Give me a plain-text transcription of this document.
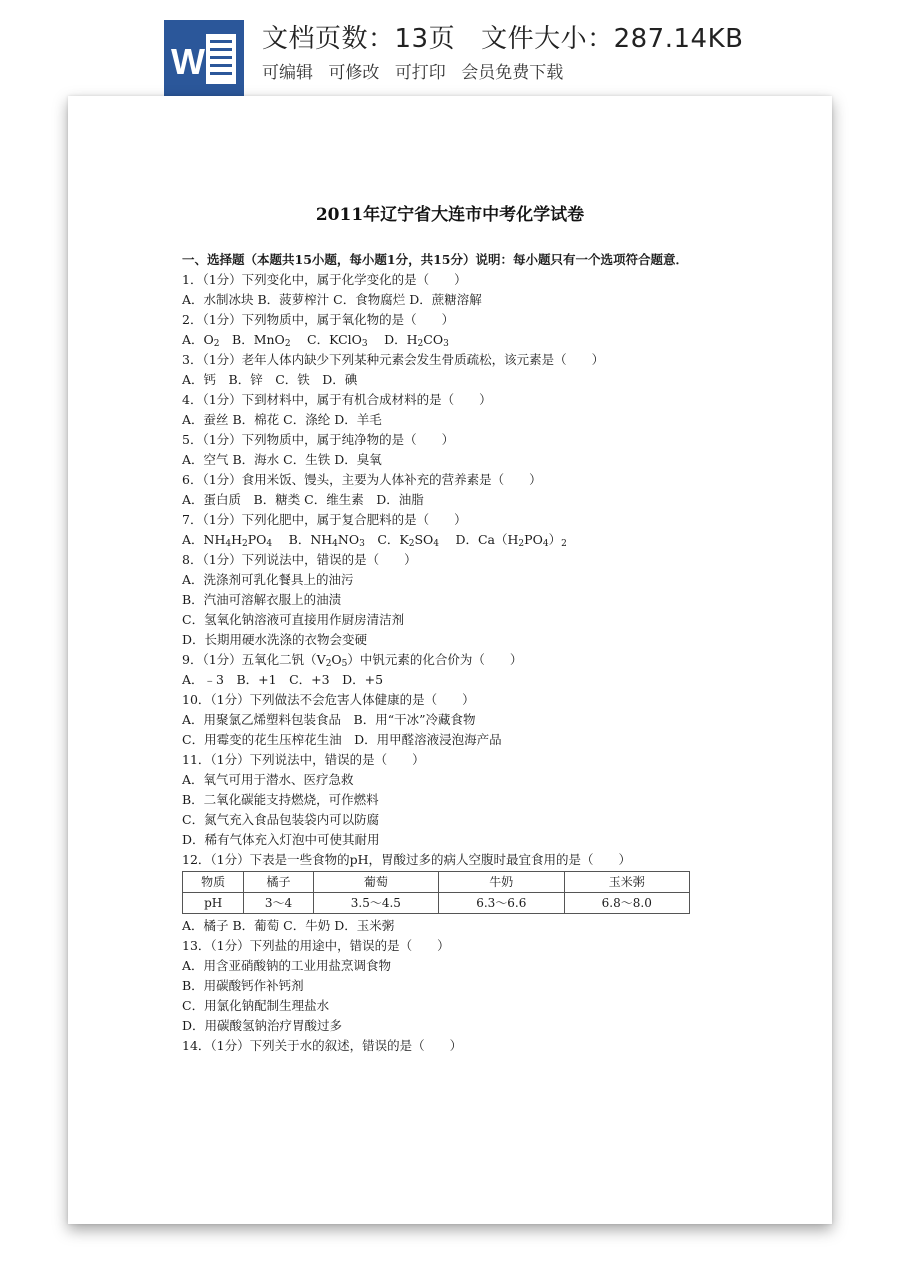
W
文档页数：13页 文件大小：287.14KB
可编辑 可修改 可打印 会员免费下载
2011年辽宁省大连市中考化学试卷
一、选择题（本题共15小题，每小题1分，共15分）说明：每小题只有一个选项符合题意．
1．（1分）下列变化中，属于化学变化的是（　　）
A．水制冰块 B．菠萝榨汁 C．食物腐烂 D．蔗糖溶解
2．（1分）下列物质中，属于氧化物的是（　　）
A．$O_2$　B．MnO$_2$　 C．KClO$_3$　 D．$H_2CO_3$
3．（1分）老年人体内缺少下列某种元素会发生骨质疏松，该元素是（　　）
A．钙　B．锌　C．铁　D．碘
4．（1分）下到材料中，属于有机合成材料的是（　　）
A．蚕丝 B．棉花 C．涤纶 D．羊毛
5．（1分）下列物质中，属于纯净物的是（　　）
A．空气 B．海水 C．生铁 D．臭氧
6．（1分）食用米饭、馒头，主要为人体补充的营养素是（　　）
A．蛋白质　B．糖类 C．维生素　D．油脂
7．（1分）下列化肥中，属于复合肥料的是（　　）
A．$NH_4H_2PO_4$　 B．$NH_4NO_3$　C．$K_2SO_4$　 D．$Ca(H_2PO_4)_2$
8．（1分）下列说法中，错误的是（　　）
A．洗涤剂可乳化餐具上的油污
B．汽油可溶解衣服上的油渍
C．氢氧化钠溶液可直接用作厨房清洁剂
D．长期用硬水洗涤的衣物会变硬
9．（1分）五氧化二钒$(V_2O_5)$中钒元素的化合价为（　　）
A．﹣3　B．+1　C．+3　D．+5
10．（1分）下列做法不会危害人体健康的是（　　）
A．用聚氯乙烯塑料包装食品　B．用“干冰”冷藏食物
C．用霉变的花生压榨花生油　D．用甲醛溶液浸泡海产品
11．（1分）下列说法中，错误的是（　　）
A．氧气可用于潜水、医疗急救
B．二氧化碳能支持燃烧，可作燃料
C．氮气充入食品包装袋内可以防腐
D．稀有气体充入灯泡中可使其耐用
12．（1分）下表是一些食物的pH，胃酸过多的病人空腹时最宜食用的是（　　）
物质	橘子	葡萄	牛奶	玉米粥
pH	3～4	3.5～4.5	6.3～6.6	6.8～8.0
A．橘子 B．葡萄 C．牛奶 D．玉米粥
13．（1分）下列盐的用途中，错误的是（　　）
A．用含亚硝酸钠的工业用盐烹调食物
B．用碳酸钙作补钙剂
C．用氯化钠配制生理盐水
D．用碳酸氢钠治疗胃酸过多
14．（1分）下列关于水的叙述，错误的是（　　）
